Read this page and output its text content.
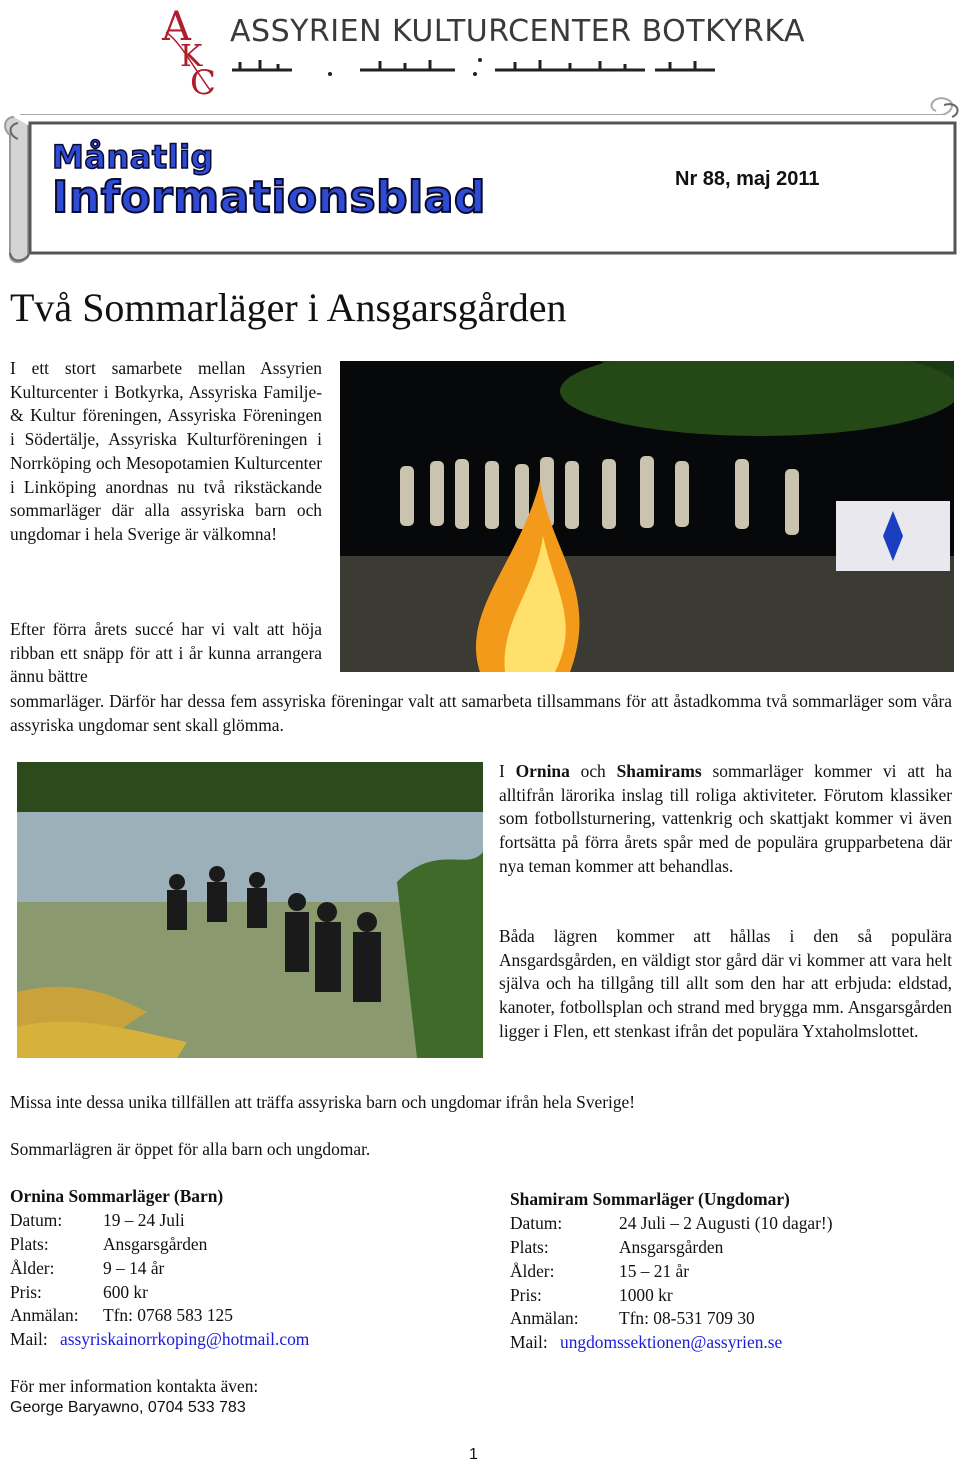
A
K
C
ASSYRIEN KULTURCENTER BOTKYRKA
Månatlig
Informationsblad	Nr 88, maj 2011
Två Sommarläger i Ansgarsgården
I ett stort samarbete mellan Assyrien Kulturcenter i Botkyrka, Assyriska Familje- & Kultur föreningen, Assyriska Föreningen i Södertälje, Assyriska Kulturföreningen i Norrköping och Mesopotamien Kulturcenter i Linköping anordnas nu två rikstäckande sommarläger där alla assyriska barn och ungdomar i hela Sverige är välkomna!
Efter förra årets succé har vi valt att höja ribban ett snäpp för att i år kunna arrangera ännu bättre
sommarläger. Därför har dessa fem assyriska föreningar valt att samarbeta tillsammans för att åstadkomma två sommarläger som våra assyriska ungdomar sent skall glömma.
I Ornina och Shamirams sommarläger kommer vi att ha alltifrån lärorika inslag till roliga aktiviteter. Förutom klassiker som fotbollsturnering, vattenkrig och skattjakt kommer vi även fortsätta på förra årets spår med de populära grupparbetena där nya teman kommer att behandlas.
Båda lägren kommer att hållas i den så populära Ansgardsgården, en väldigt stor gård där vi kommer att vara helt själva och ha tillgång till allt som den har att erbjuda: eldstad, kanoter, fotbollsplan och strand med brygga mm. Ansgarsgården ligger i Flen, ett stenkast ifrån det populära Yxtaholmslottet.
Missa inte dessa unika tillfällen att träffa assyriska barn och ungdomar ifrån hela Sverige!
Sommarlägren är öppet för alla barn och ungdomar.
Ornina Sommarläger (Barn)
Datum: 19 – 24 Juli
Plats:	Ansgarsgården
Ålder:	9 – 14 år
Pris:	600 kr
Anmälan: Tfn: 0768 583 125
Mail: assyriskainorrkoping@hotmail.com
Shamiram Sommarläger (Ungdomar)
Datum:	24 Juli – 2 Augusti (10 dagar!)
Plats:	Ansgarsgården
Ålder:	15 – 21 år
Pris:	1000 kr
Anmälan: Tfn: 08-531 709 30
Mail: ungdomssektionen@assyrien.se
För mer information kontakta även:
George Baryawno, 0704 533 783
1
